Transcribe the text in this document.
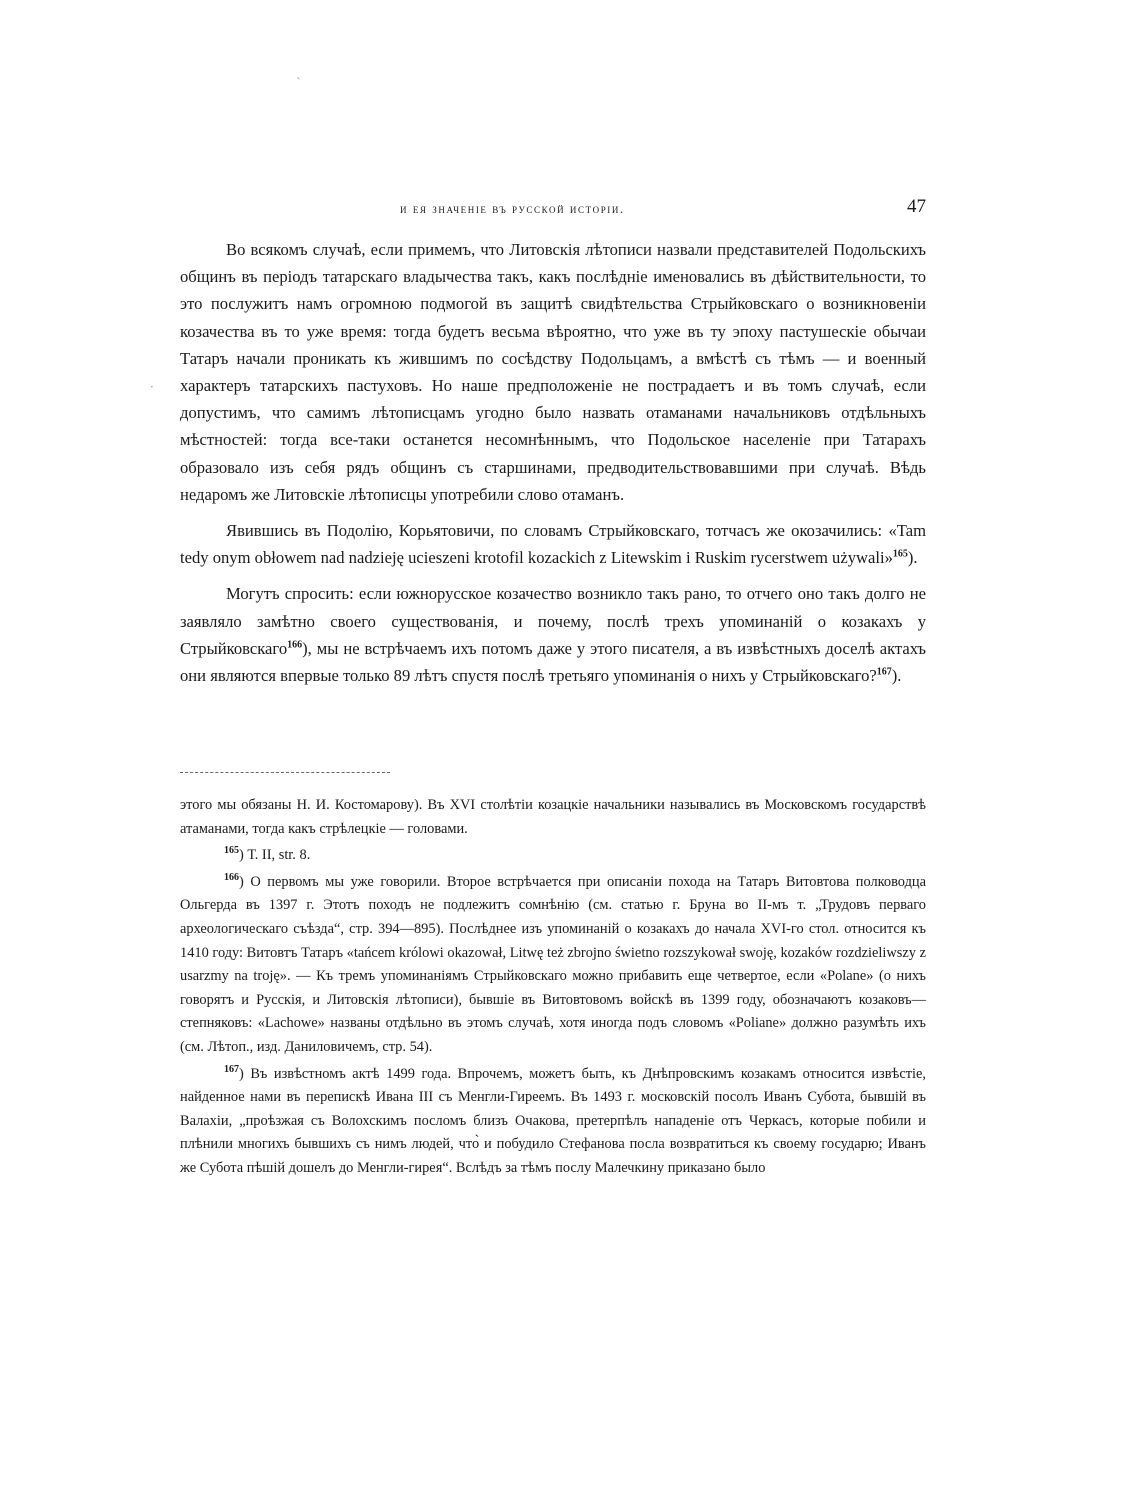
`
·
и ея значеніе въ русской исторіи.	47

Во всякомъ случаѣ, если примемъ, что Литовскія лѣтописи назвали представителей Подольскихъ общинъ въ періодъ татарскаго владычества такъ, какъ послѣдніе именовались въ дѣйствительности, то это послужитъ намъ огромною подмогой въ защитѣ свидѣтельства Стрыйковскаго о возникновеніи козачества въ то уже время: тогда будетъ весьма вѣроятно, что уже въ ту эпоху пастушескіе обычаи Татаръ начали проникать къ жившимъ по сосѣдству Подольцамъ, а вмѣстѣ съ тѣмъ — и военный характеръ татарскихъ пастуховъ. Но наше предположеніе не пострадаетъ и въ томъ случаѣ, если допустимъ, что самимъ лѣтописцамъ угодно было назвать отаманами начальниковъ отдѣльныхъ мѣстностей: тогда все-таки останется несомнѣннымъ, что Подольское населеніе при Татарахъ образовало изъ себя рядъ общинъ съ старшинами, предводительствовавшими при случаѣ. Вѣдь недаромъ же Литовскіе лѣтописцы употребили слово отаманъ.

Явившись въ Подолію, Корьятовичи, по словамъ Стрыйковскаго, тотчасъ же окозачились: «Tam tedy onym obłowem nad nadzieję ucieszeni krotofil kozackich z Litewskim i Ruskim rycerstwem używali»$^{165}$).

Могутъ спросить: если южнорусское козачество возникло такъ рано, то отчего оно такъ долго не заявляло замѣтно своего существованія, и почему, послѣ трехъ упоминаній о козакахъ у Стрыйковскаго$^{166}$), мы не встрѣчаемъ ихъ потомъ даже у этого писателя, а въ извѣстныхъ доселѣ актахъ они являются впервые только 89 лѣтъ спустя послѣ третьяго упоминанія о нихъ у Стрыйковскаго?$^{167}$).

этого мы обязаны Н. И. Костомарову). Въ XVI столѣтіи козацкіе начальники назывались въ Московскомъ государствѣ атаманами, тогда какъ стрѣлецкіе — головами.

$^{165}$) Т. II, str. 8.

$^{166}$) О первомъ мы уже говорили. Второе встрѣчается при описаніи похода на Татаръ Витовтова полководца Ольгерда въ 1397 г. Этотъ походъ не подлежитъ сомнѣнію (см. статью г. Бруна во II-мъ т. „Трудовъ перваго археологическаго съѣзда“, стр. 394—895). Послѣднее изъ упоминаній о козакахъ до начала XVI-го стол. относится къ 1410 году: Витовтъ Татаръ «tańcem królowi okazował, Litwę też zbrojno świetno rozszykował swoję, kozaków rozdzieliwszy z usarzmy na troję». — Къ тремъ упоминаніямъ Стрыйковскаго можно прибавить еще четвертое, если «Polane» (о нихъ говорятъ и Русскія, и Литовскія лѣтописи), бывшіе въ Витовтовомъ войскѣ въ 1399 году, обозначаютъ козаковъ—степняковъ: «Lachowe» названы отдѣльно въ этомъ случаѣ, хотя иногда подъ словомъ «Poliane» должно разумѣть ихъ (см. Лѣтоп., изд. Даниловичемъ, стр. 54).

$^{167}$) Въ извѣстномъ актѣ 1499 года. Впрочемъ, можетъ быть, къ Днѣпровскимъ козакамъ относится извѣстіе, найденное нами въ перепискѣ Ивана III съ Менгли-Гиреемъ. Въ 1493 г. московскій посолъ Иванъ Субота, бывшій въ Валахіи, „проѣзжая съ Волохскимъ посломъ близъ Очакова, претерпѣлъ нападеніе отъ Черкасъ, которые побили и плѣнили многихъ бывшихъ съ нимъ людей, что̀ и побудило Стефанова посла возвратиться къ своему государю; Иванъ же Субота пѣшій дошелъ до Менгли-гирея“. Вслѣдъ за тѣмъ послу Малечкину приказано было
